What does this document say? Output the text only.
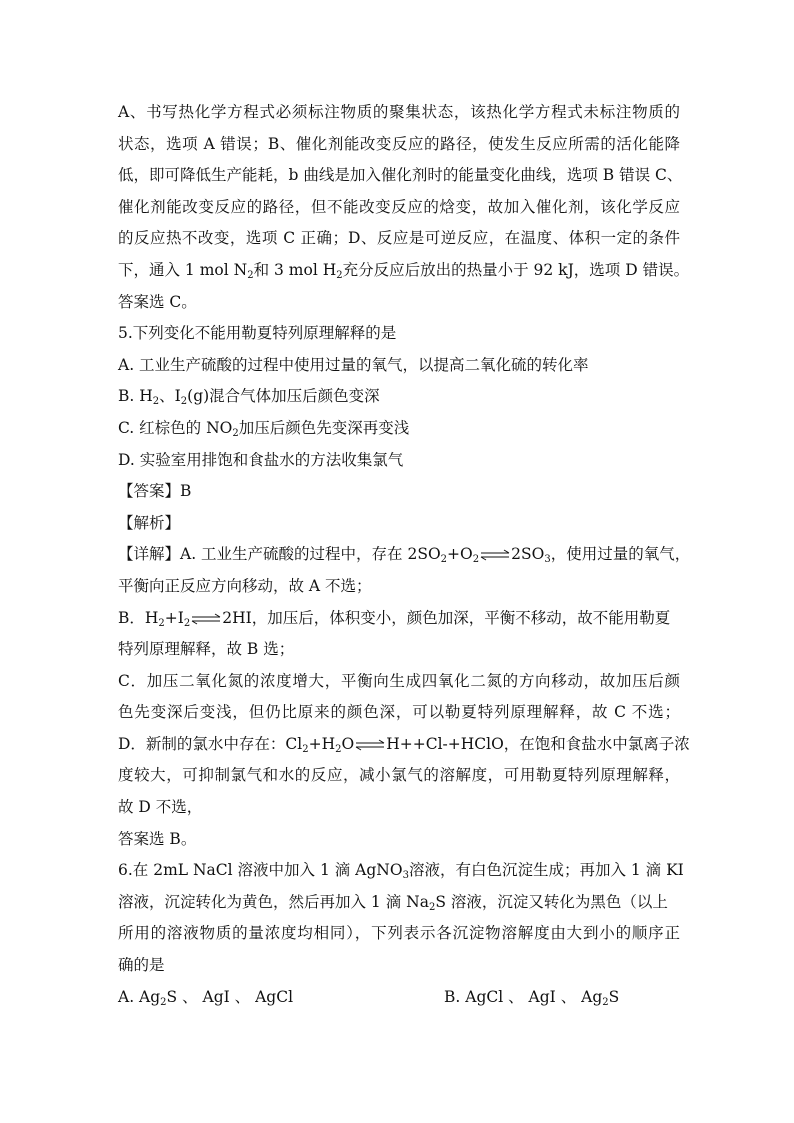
A、书写热化学方程式必须标注物质的聚集状态，该热化学方程式未标注物质的
状态，选项 A 错误；B、催化剂能改变反应的路径，使发生反应所需的活化能降
低，即可降低生产能耗，b 曲线是加入催化剂时的能量变化曲线，选项 B 错误 C、
催化剂能改变反应的路径，但不能改变反应的焓变，故加入催化剂，该化学反应
的反应热不改变，选项 C 正确；D、反应是可逆反应，在温度、体积一定的条件
下，通入 1 mol $N_2$和 3 mol $H_2$充分反应后放出的热量小于 92 kJ，选项 D 错误。
答案选 C。
5.下列变化不能用勒夏特列原理解释的是
A. 工业生产硫酸的过程中使用过量的氧气，以提高二氧化硫的转化率
B. $H_2$、$I_2(g)$混合气体加压后颜色变深
C. 红棕色的 $NO_2$加压后颜色先变深再变浅
D. 实验室用排饱和食盐水的方法收集氯气
【答案】B
【解析】
【详解】A. 工业生产硫酸的过程中，存在 $2SO_2+O_2\rightleftharpoons 2SO_3$，使用过量的氧气，
平衡向正反应方向移动，故 A 不选；
B．$H_2+I_2\rightleftharpoons 2HI$，加压后，体积变小，颜色加深，平衡不移动，故不能用勒夏
特列原理解释，故 B 选；
C．加压二氧化氮的浓度增大，平衡向生成四氧化二氮的方向移动，故加压后颜
色先变深后变浅，但仍比原来的颜色深，可以勒夏特列原理解释，故 C 不选；
D．新制的氯水中存在：$Cl_2+H_2O\rightleftharpoons H++Cl-+HClO$，在饱和食盐水中氯离子浓
度较大，可抑制氯气和水的反应，减小氯气的溶解度，可用勒夏特列原理解释，
故 D 不选，
答案选 B。
6.在 2mL NaCl 溶液中加入 1 滴 AgNO$_3$溶液，有白色沉淀生成；再加入 1 滴 KI
溶液，沉淀转化为黄色，然后再加入 1 滴 $Na_2S$ 溶液，沉淀又转化为黑色（以上
所用的溶液物质的量浓度均相同），下列表示各沉淀物溶解度由大到小的顺序正
确的是
A. $Ag_2S$ 、 AgI 、 AgCl	B. AgCl 、 AgI 、 $Ag_2S$
